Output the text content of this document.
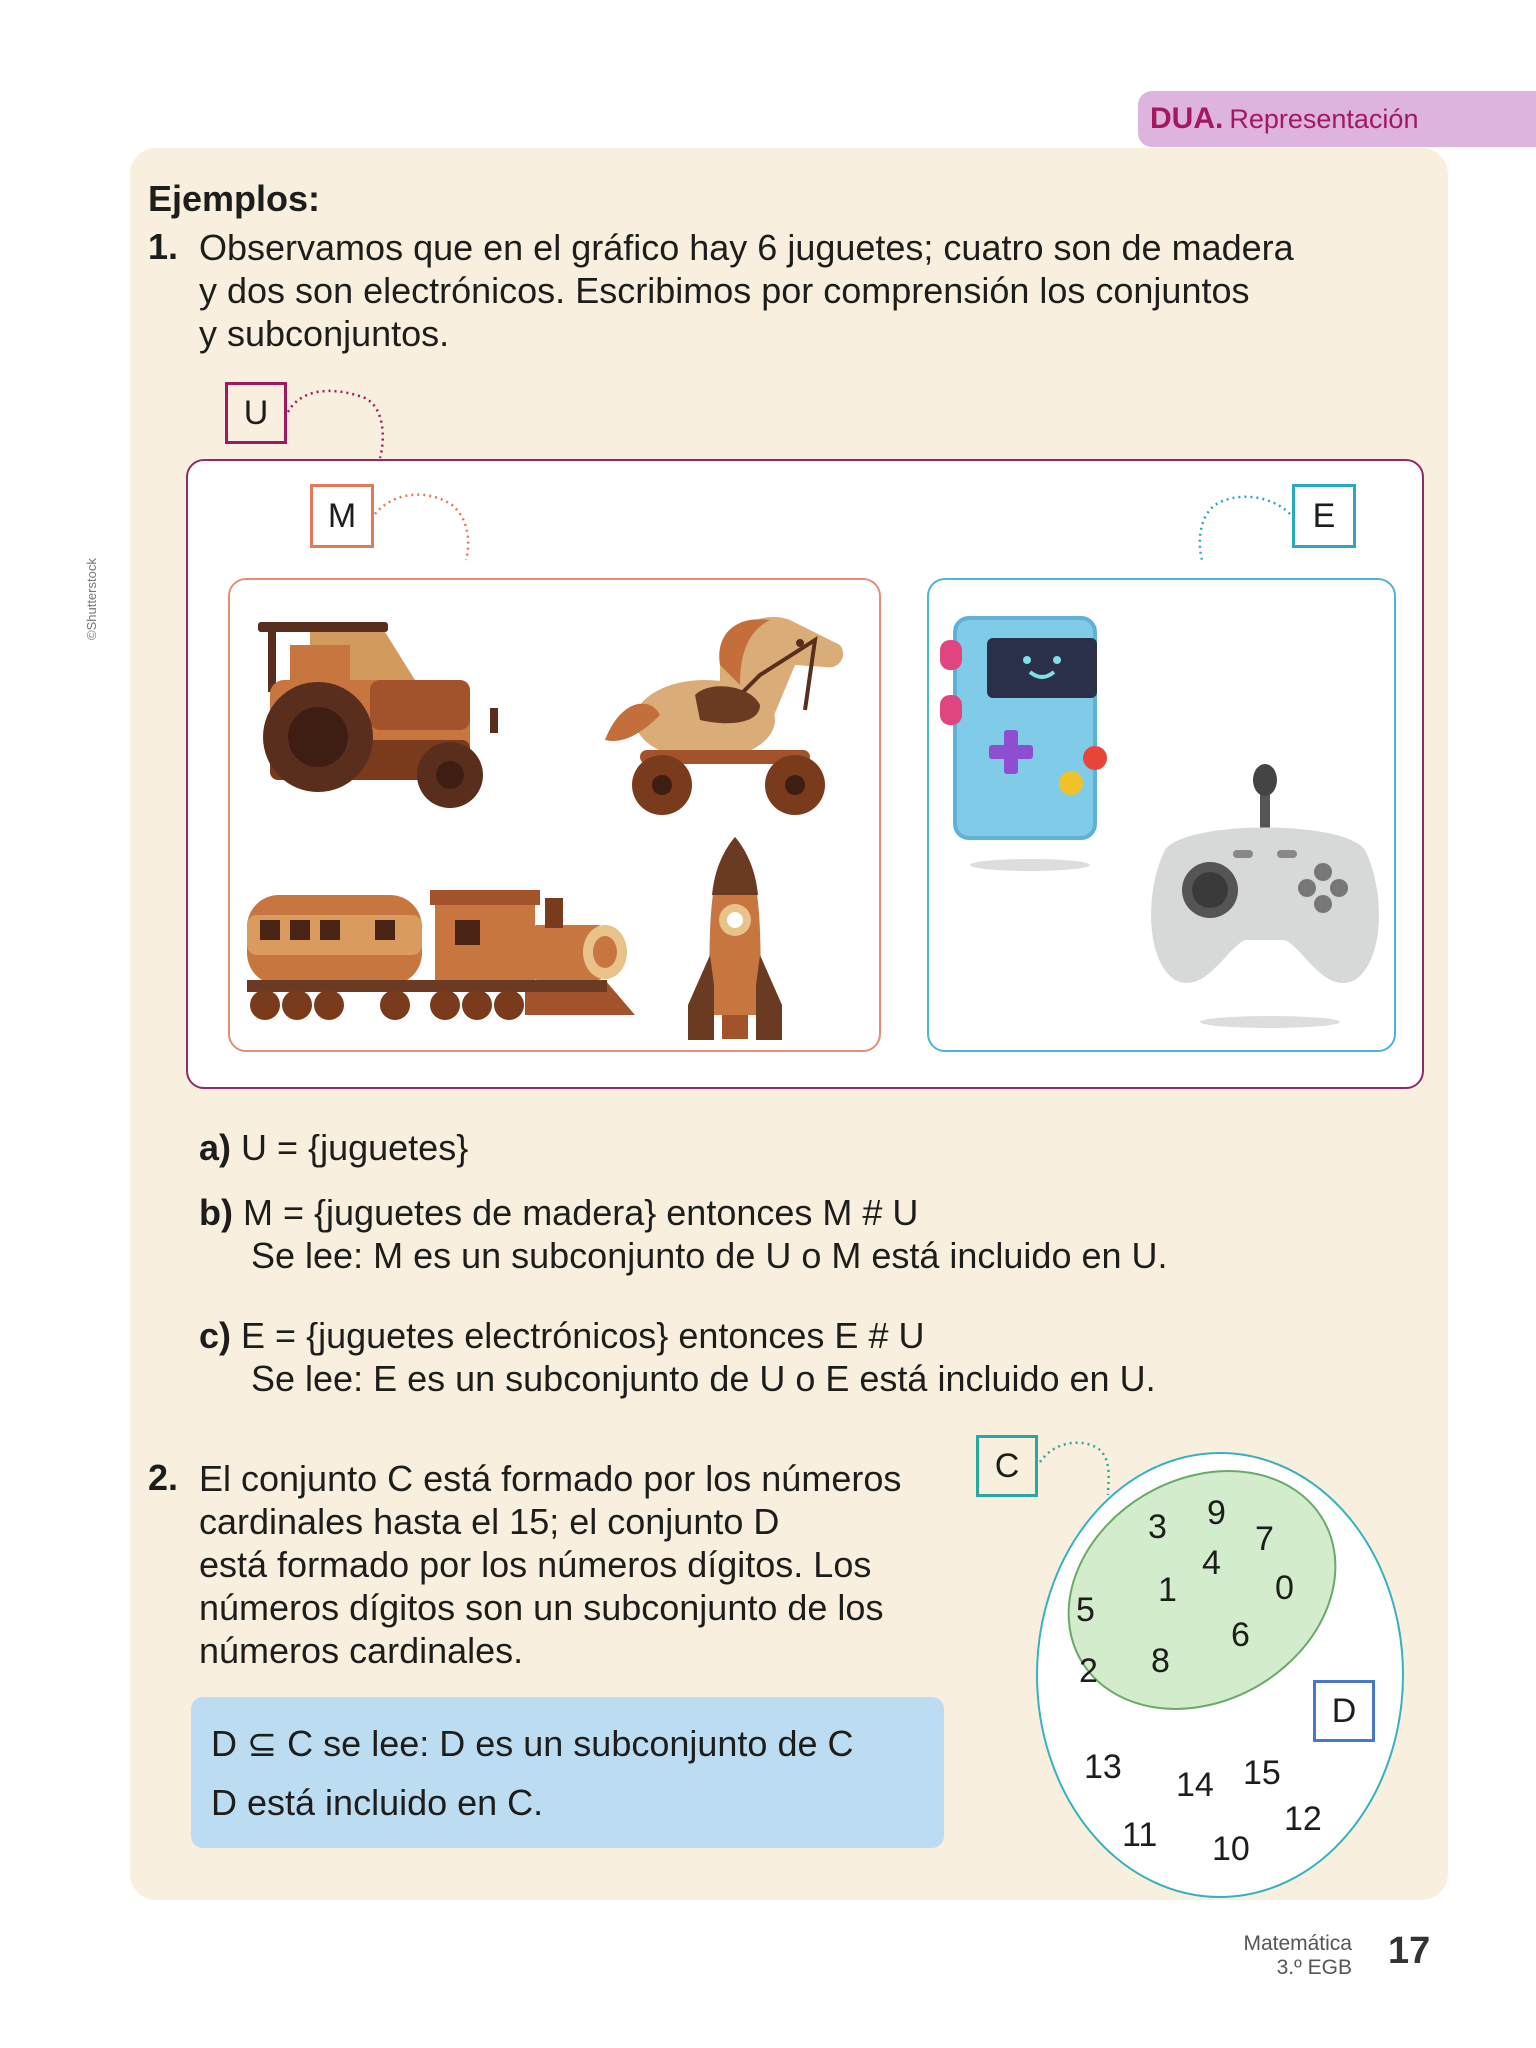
DUA. Representación
©Shutterstock
Ejemplos:
1. Observamos que en el gráfico hay 6 juguetes; cuatro son de madera
y dos son electrónicos. Escribimos por comprensión los conjuntos
y subconjuntos.
U
M	E
a) U = {juguetes}
b) M = {juguetes de madera} entonces M # U
Se lee: M es un subconjunto de U o M está incluido en U.
c) E = {juguetes electrónicos} entonces E # U
Se lee: E es un subconjunto de U o E está incluido en U.
2. El conjunto C está formado por los números
cardinales hasta el 15; el conjunto D
está formado por los números dígitos. Los
números dígitos son un subconjunto de los
números cardinales.
D ⊆ C se lee: D es un subconjunto de C
D está incluido en C.
C
D
3 9
7
4
1	0
5
6
2 8
13 14 15
12
11 10
Matemática
3.º EGB 17
